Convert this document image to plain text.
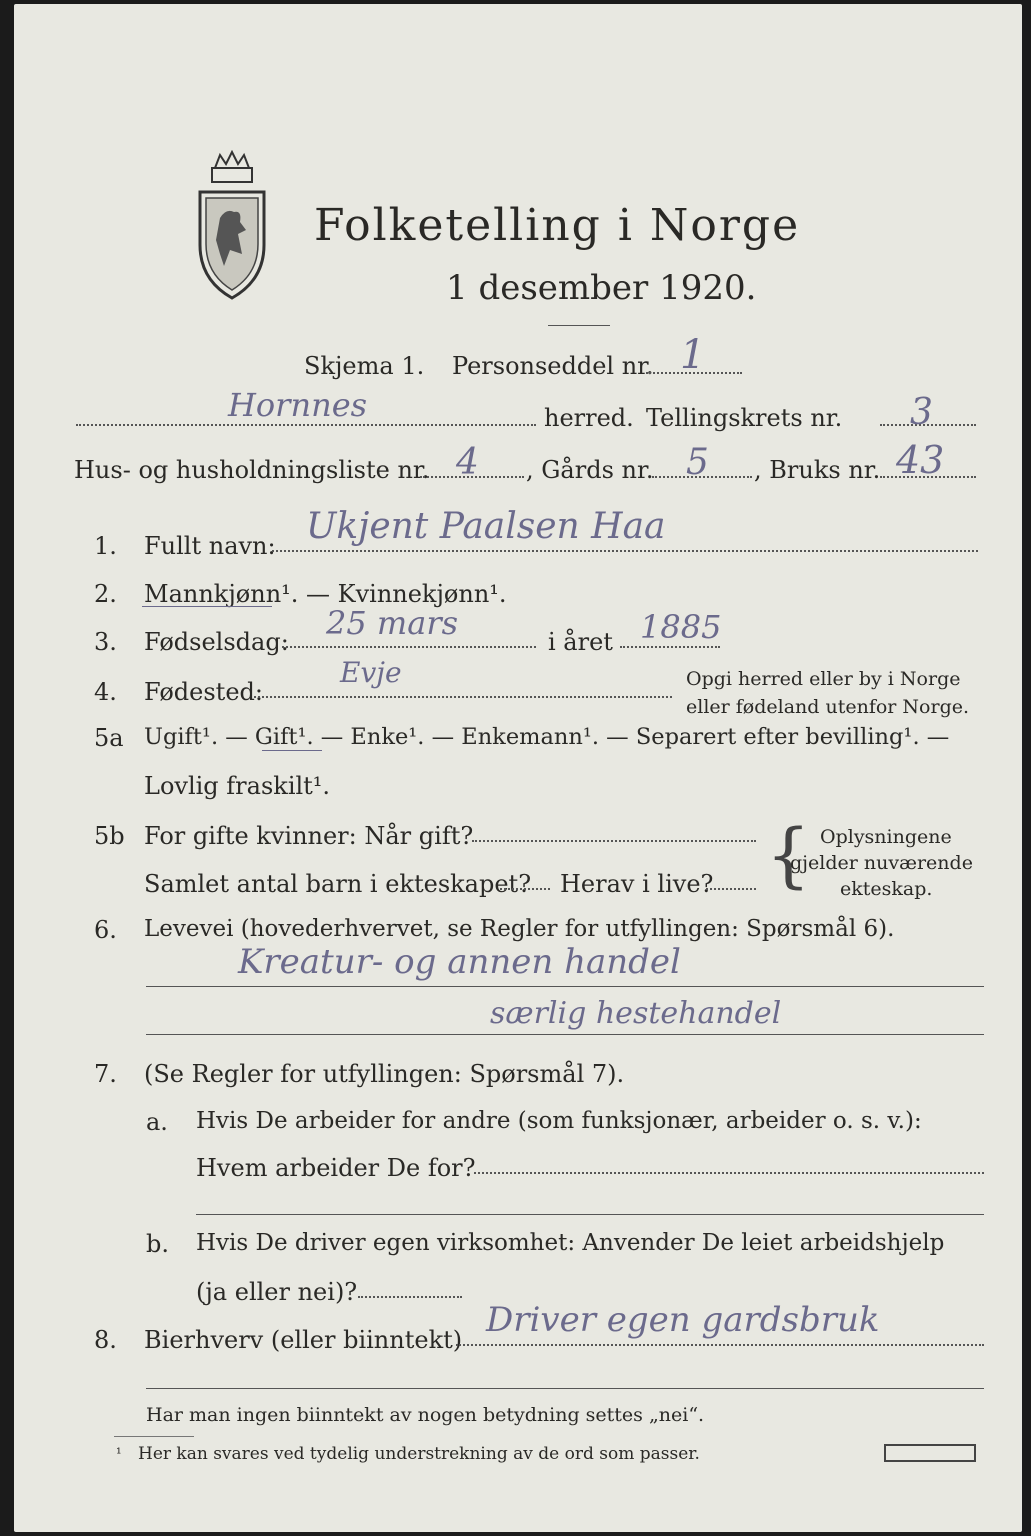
Folketelling i Norge
1 desember 1920.
Skjema 1. Personseddel nr. 1
Hornnes	herred. Tellingskrets nr. 3
Hus- og husholdningsliste nr. 4 , Gårds nr. 5 , Bruks nr. 43
1. Fullt navn: Ukjent Paalsen Haa
2. Mannkjønn¹. — Kvinnekjønn¹.
3. Fødselsdag: 25 mars	i året 1885
4. Fødested:
Evje	Opgi herred eller by i Norge
eller fødeland utenfor Norge.
5a Ugift¹. — Gift¹. — Enke¹. — Enkemann¹. — Separert efter bevilling¹. —
Lovlig fraskilt¹.
5b For gifte kvinner: Når gift?
Samlet antal barn i ekteskapet? Herav i live? { Oplysningene
gjelder nuværende
ekteskap.
6. Levevei (hovederhvervet, se Regler for utfyllingen: Spørsmål 6).
Kreatur- og annen handel
særlig hestehandel
7. (Se Regler for utfyllingen: Spørsmål 7).
a. Hvis De arbeider for andre (som funksjonær, arbeider o. s. v.):
Hvem arbeider De for?
b. Hvis De driver egen virksomhet: Anvender De leiet arbeidshjelp
(ja eller nei)?
8. Bierhverv (eller biinntekt) Driver egen gardsbruk
Har man ingen biinntekt av nogen betydning settes „nei“.
¹ Her kan svares ved tydelig understrekning av de ord som passer.
